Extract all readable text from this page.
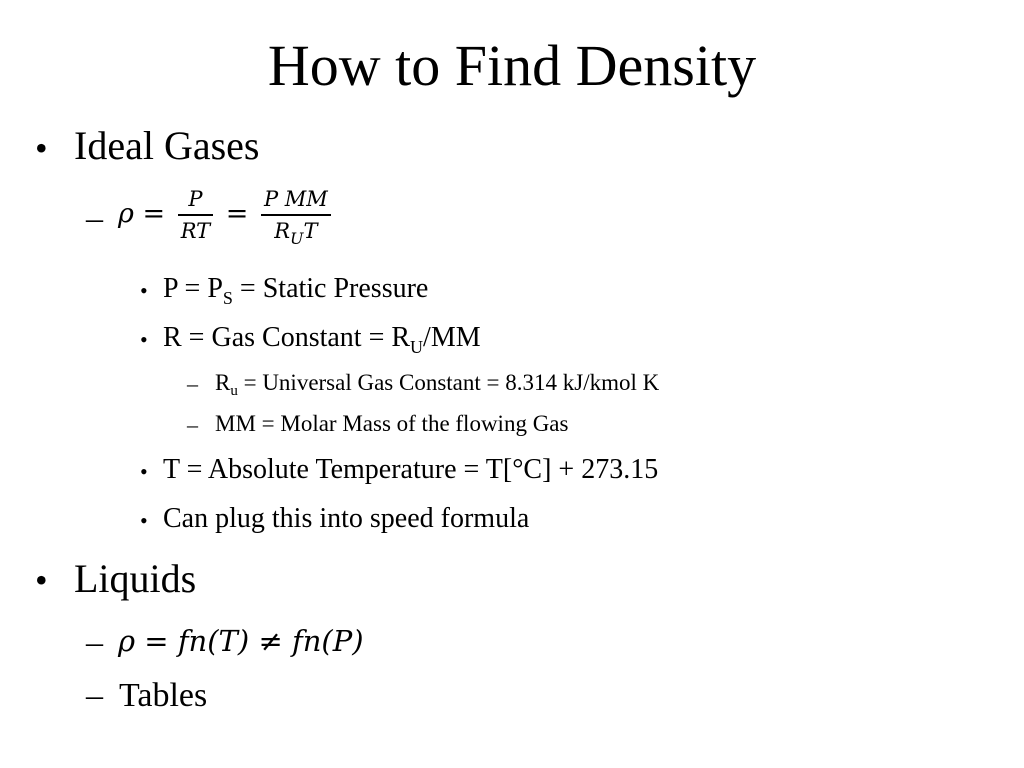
How to Find Density
• Ideal Gases
– $\rho = \frac{P}{RT} = \frac{\text{P MM}}{R_UT}$
• $P = P_S$ = Static Pressure
• R = Gas Constant = $R_U/MM$
– $R_u$ = Universal Gas Constant = 8.314 kJ/kmol K
– MM = Molar Mass of the flowing Gas
• T = Absolute Temperature = T[°C] + 273.15
• Can plug this into speed formula
• Liquids
– ρ = fn(T) ≠ fn(P)
– Tables
